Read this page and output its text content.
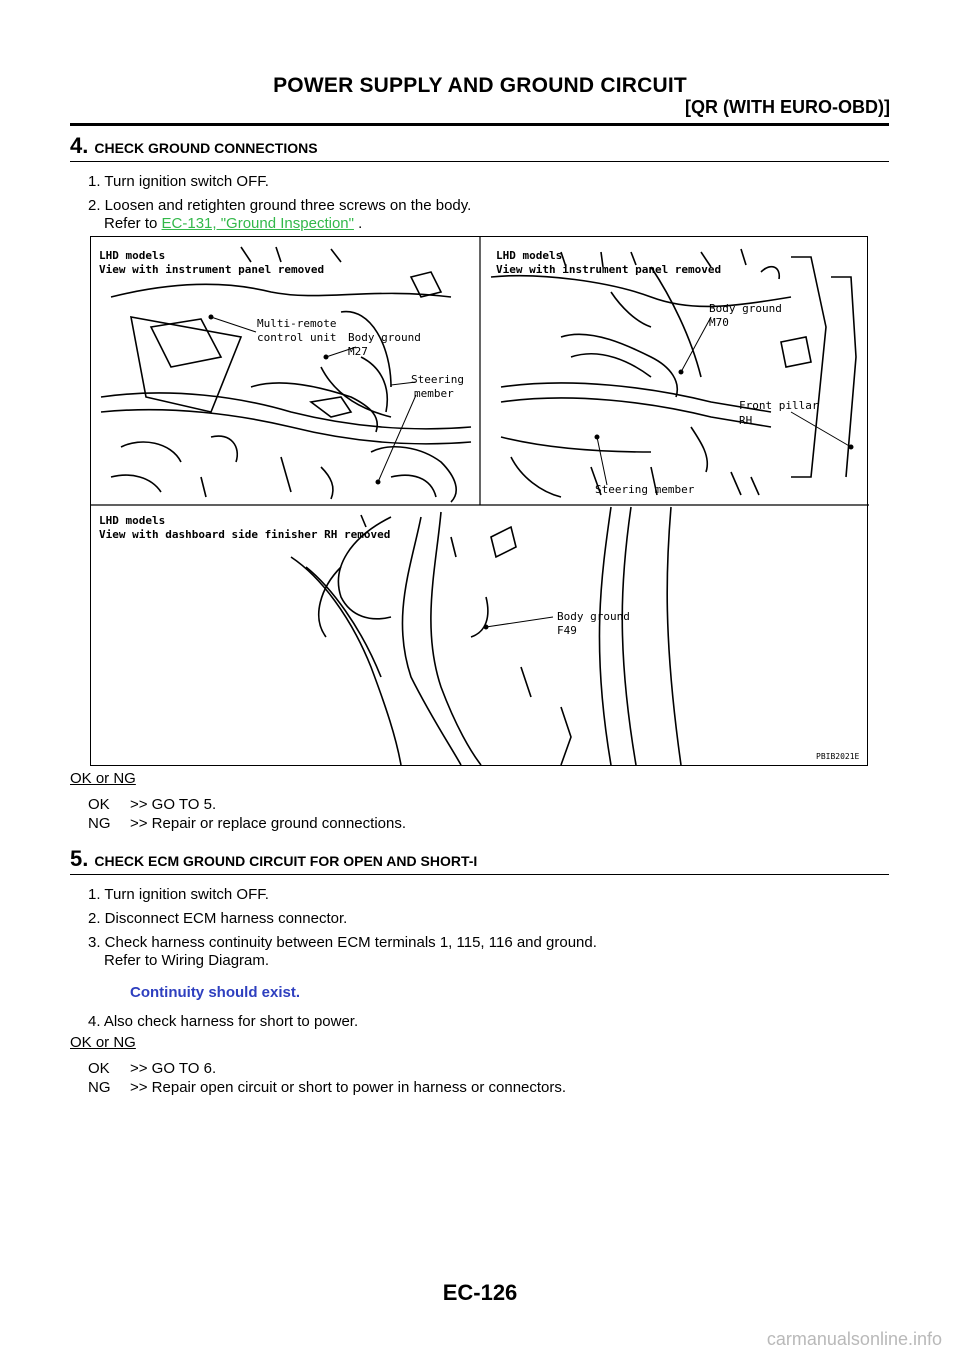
POWER SUPPLY AND GROUND CIRCUIT
[QR (WITH EURO-OBD)]
4. CHECK GROUND CONNECTIONS
1. Turn ignition switch OFF.
2. Loosen and retighten ground three screws on the body.
Refer to EC-131, "Ground Inspection" .
LHD models
View with instrument panel removed
Multi-remote
control unit Body ground
M27
Steering
member
LHD models
View with instrument panel removed
Body ground
M70
Front pillar
RH
Steering member
LHD models
View with dashboard side finisher RH removed
Body ground
F49
PBIB2021E
OK or NG
OK	>> GO TO 5.
NG	>> Repair or replace ground connections.
5. CHECK ECM GROUND CIRCUIT FOR OPEN AND SHORT-I
1. Turn ignition switch OFF.
2. Disconnect ECM harness connector.
3. Check harness continuity between ECM terminals 1, 115, 116 and ground.
Refer to Wiring Diagram.
Continuity should exist.
4. Also check harness for short to power.
OK or NG
OK	>> GO TO 6.
NG	>> Repair open circuit or short to power in harness or connectors.
EC-126
carmanualsonline.info
